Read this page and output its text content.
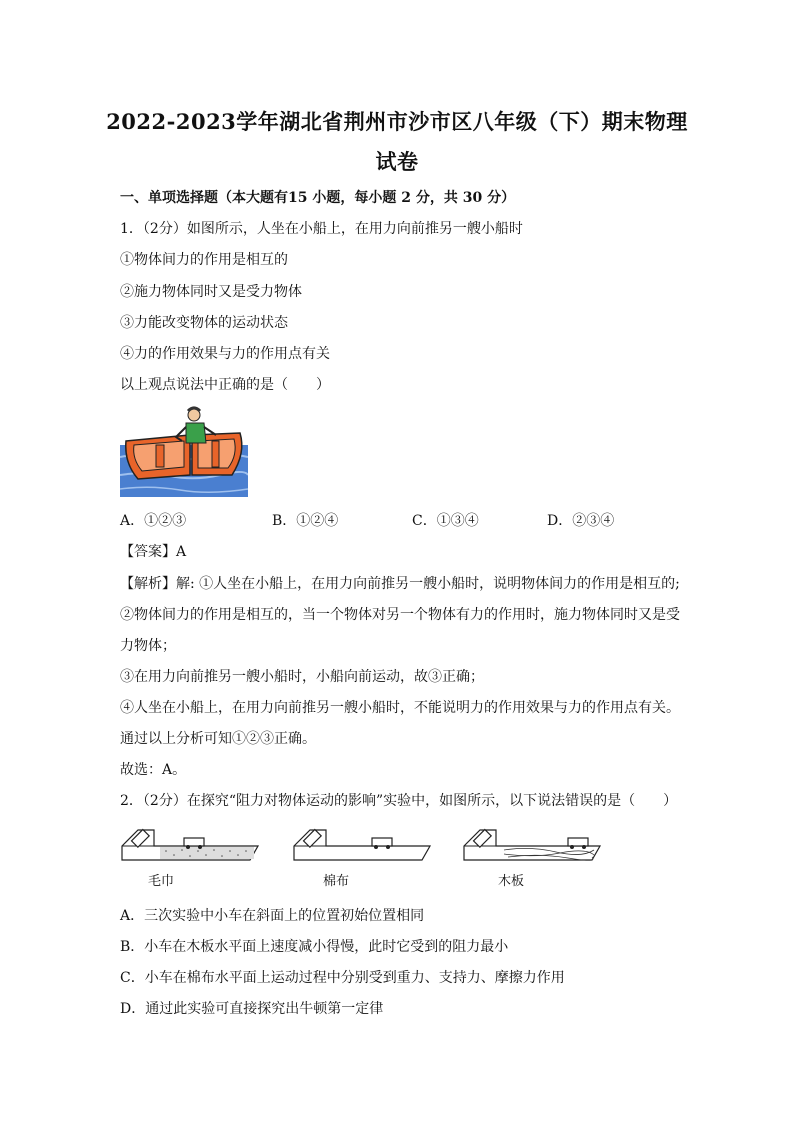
2022-2023学年湖北省荆州市沙市区八年级（下）期末物理
试卷
一、单项选择题（本大题有15 小题，每小题 2 分，共 30 分）
1．（2分）如图所示，人坐在小船上，在用力向前推另一艘小船时
①物体间力的作用是相互的
②施力物体同时又是受力物体
③力能改变物体的运动状态
④力的作用效果与力的作用点有关
以上观点说法中正确的是（　　）
A．①②③	B．①②④	C．①③④	D．②③④
【答案】A
【解析】解: ①人坐在小船上，在用力向前推另一艘小船时，说明物体间力的作用是相互的;
②物体间力的作用是相互的，当一个物体对另一个物体有力的作用时，施力物体同时又是受
力物体；
③在用力向前推另一艘小船时，小船向前运动，故③正确；
④人坐在小船上，在用力向前推另一艘小船时，不能说明力的作用效果与力的作用点有关。
通过以上分析可知①②③正确。
故选：A。
2．（2分）在探究“阻力对物体运动的影响”实验中，如图所示，以下说法错误的是（　　）
毛巾	棉布	木板
A．三次实验中小车在斜面上的位置初始位置相同
B．小车在木板水平面上速度减小得慢，此时它受到的阻力最小
C．小车在棉布水平面上运动过程中分别受到重力、支持力、摩擦力作用
D．通过此实验可直接探究出牛顿第一定律
